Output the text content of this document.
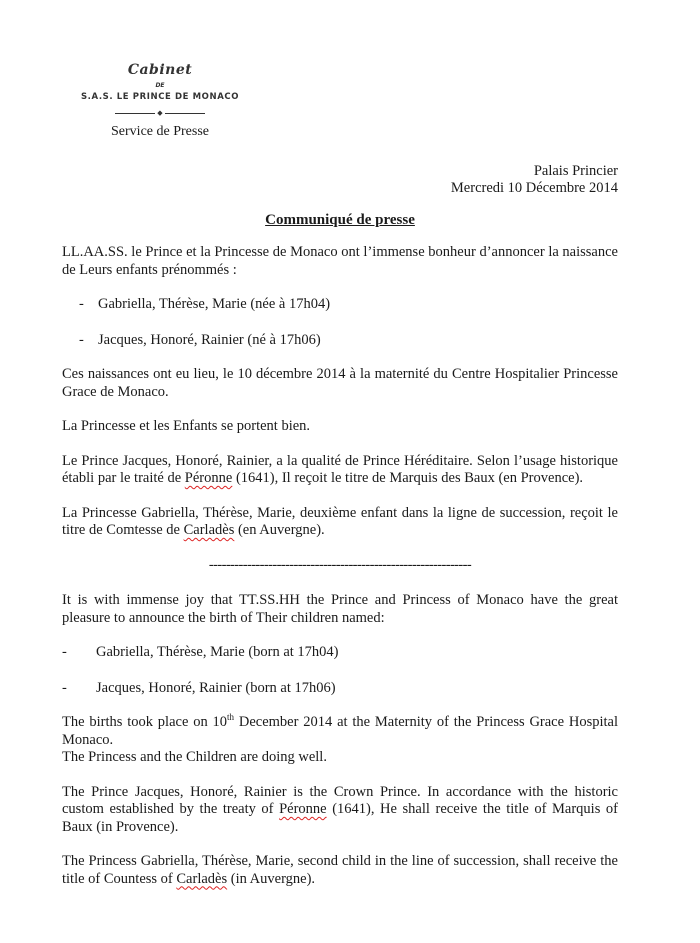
Cabinet
DE
S.A.S. LE PRINCE DE MONACO
◆
Service de Presse
Palais Princier
Mercredi 10 Décembre 2014
Communiqué de presse

LL.AA.SS. le Prince et la Princesse de Monaco ont l’immense bonheur d’annoncer la naissance de Leurs enfants prénommés :

- Gabriella, Thérèse, Marie (née à 17h04)
- Jacques, Honoré, Rainier (né à 17h06)

Ces naissances ont eu lieu, le 10 décembre 2014 à la maternité du Centre Hospitalier Princesse Grace de Monaco.

La Princesse et les Enfants se portent bien.

Le Prince Jacques, Honoré, Rainier, a la qualité de Prince Héréditaire. Selon l’usage historique établi par le traité de Péronne (1641), Il reçoit le titre de Marquis des Baux (en Provence).

La Princesse Gabriella, Thérèse, Marie, deuxième enfant dans la ligne de succession, reçoit le titre de Comtesse de Carladès (en Auvergne).

--------------------------------------------------------------

It is with immense joy that TT.SS.HH the Prince and Princess of Monaco have the great pleasure to announce the birth of Their children named:

-	Gabriella, Thérèse, Marie (born at 17h04)
-	Jacques, Honoré, Rainier (born at 17h06)

The births took place on 10th December 2014 at the Maternity of the Princess Grace Hospital Monaco.

The Princess and the Children are doing well.

The Prince Jacques, Honoré, Rainier is the Crown Prince. In accordance with the historic custom established by the treaty of Péronne (1641), He shall receive the title of Marquis of Baux (in Provence).

The Princess Gabriella, Thérèse, Marie, second child in the line of succession, shall receive the title of Countess of Carladès (in Auvergne).
